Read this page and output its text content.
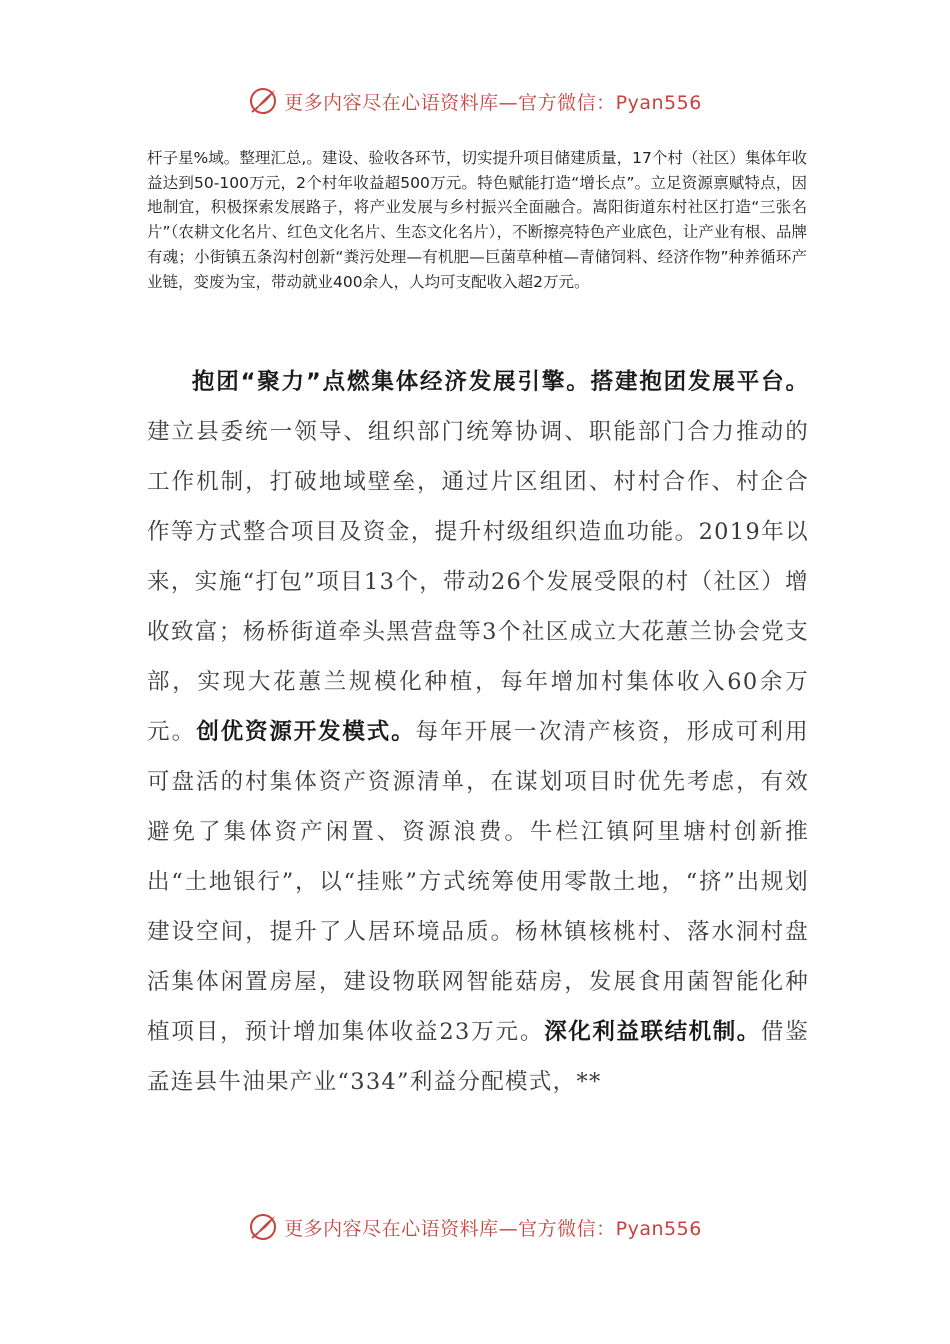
更多内容尽在心语资料库—官方微信：Pyan556

杆子星%域。整理汇总,。建设、验收各环节，切实提升项目储建质量，17个村（社区）集体年收益达到50-100万元，2个村年收益超500万元。特色赋能打造“增长点”。立足资源禀赋特点，因地制宜，积极探索发展路子，将产业发展与乡村振兴全面融合。嵩阳街道东村社区打造“三张名片”（农耕文化名片、红色文化名片、生态文化名片），不断擦亮特色产业底色，让产业有根、品牌有魂；小街镇五条沟村创新“粪污处理—有机肥—巨菌草种植—青储饲料、经济作物”种养循环产业链，变废为宝，带动就业400余人，人均可支配收入超2万元。

抱团“聚力”点燃集体经济发展引擎。搭建抱团发展平台。建立县委统一领导、组织部门统筹协调、职能部门合力推动的工作机制，打破地域壁垒，通过片区组团、村村合作、村企合作等方式整合项目及资金，提升村级组织造血功能。2019年以来，实施“打包”项目13个，带动26个发展受限的村（社区）增收致富；杨桥街道牵头黑营盘等3个社区成立大花蕙兰协会党支部，实现大花蕙兰规模化种植，每年增加村集体收入60余万元。创优资源开发模式。每年开展一次清产核资，形成可利用可盘活的村集体资产资源清单，在谋划项目时优先考虑，有效避免了集体资产闲置、资源浪费。牛栏江镇阿里塘村创新推出“土地银行”，以“挂账”方式统筹使用零散土地，“挤”出规划建设空间，提升了人居环境品质。杨林镇核桃村、落水洞村盘活集体闲置房屋，建设物联网智能菇房，发展食用菌智能化种植项目，预计增加集体收益23万元。深化利益联结机制。借鉴孟连县牛油果产业“334”利益分配模式，**

更多内容尽在心语资料库—官方微信：Pyan556
